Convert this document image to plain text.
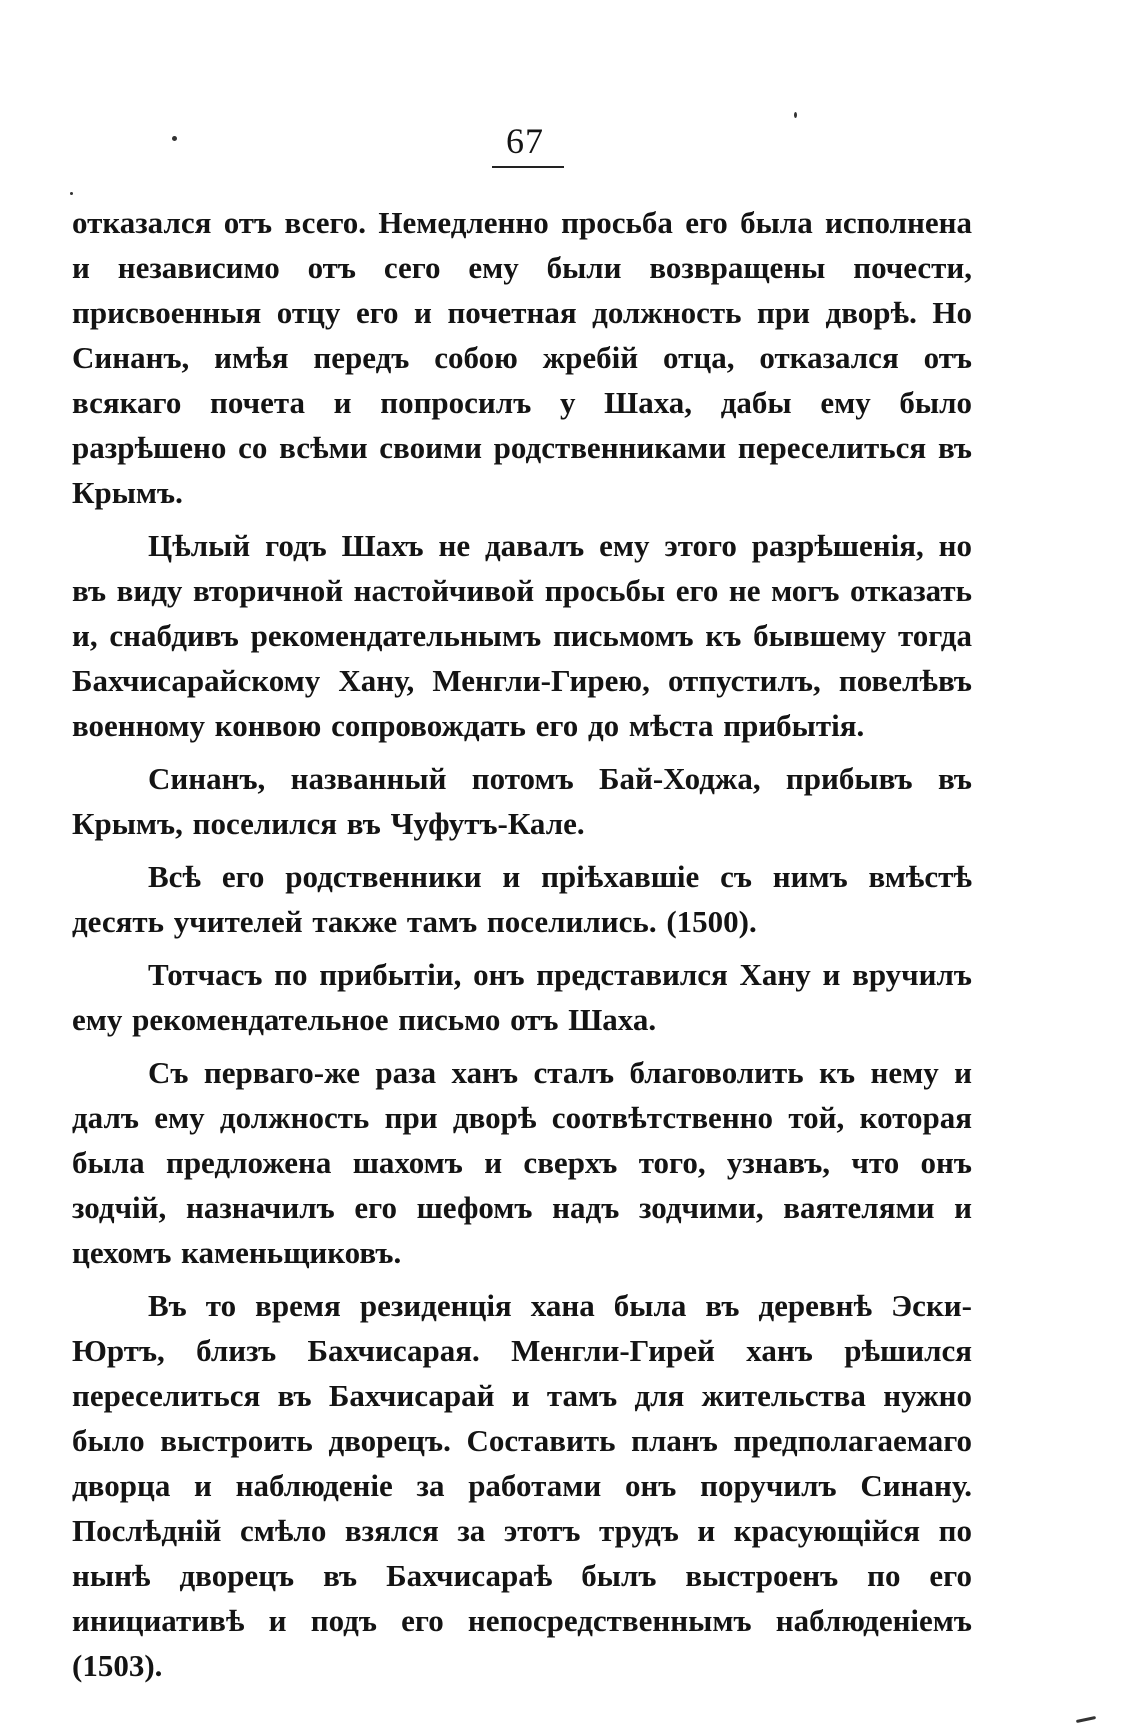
67

отказался отъ всего. Немедленно просьба его была исполнена и независимо отъ сего ему были возвращены почести, присвоенныя отцу его и почетная должность при дворѣ. Но Синанъ, имѣя передъ собою жребій отца, отказался отъ всякаго почета и попросилъ у Шаха, дабы ему было разрѣшено со всѣми своими родственниками переселиться въ Крымъ.

Цѣлый годъ Шахъ не давалъ ему этого разрѣшенія, но въ виду вторичной настойчивой просьбы его не могъ отказать и, снабдивъ рекомендательнымъ письмомъ къ бывшему тогда Бахчисарайскому Хану, Менгли-Гирею, отпустилъ, повелѣвъ военному конвою сопровождать его до мѣста прибытія.

Синанъ, названный потомъ Бай-Ходжа, прибывъ въ Крымъ, поселился въ Чуфутъ-Кале.

Всѣ его родственники и пріѣхавшіе съ нимъ вмѣстѣ десять учителей также тамъ поселились. (1500).

Тотчасъ по прибытіи, онъ представился Хану и вручилъ ему рекомендательное письмо отъ Шаха.

Съ перваго-же раза ханъ сталъ благоволить къ нему и далъ ему должность при дворѣ соотвѣтственно той, которая была предложена шахомъ и сверхъ того, узнавъ, что онъ зодчій, назначилъ его шефомъ надъ зодчими, ваятелями и цехомъ каменьщиковъ.

Въ то время резиденція хана была въ деревнѣ Эски-Юртъ, близъ Бахчисарая. Менгли-Гирей ханъ рѣшился переселиться въ Бахчисарай и тамъ для жительства нужно было выстроить дворецъ. Составить планъ предполагаемаго дворца и наблюденіе за работами онъ поручилъ Синану. Послѣдній смѣло взялся за этотъ трудъ и красующійся по нынѣ дворецъ въ Бахчисараѣ былъ выстроенъ по его инициативѣ и подъ его непосредственнымъ наблюденіемъ (1503).
